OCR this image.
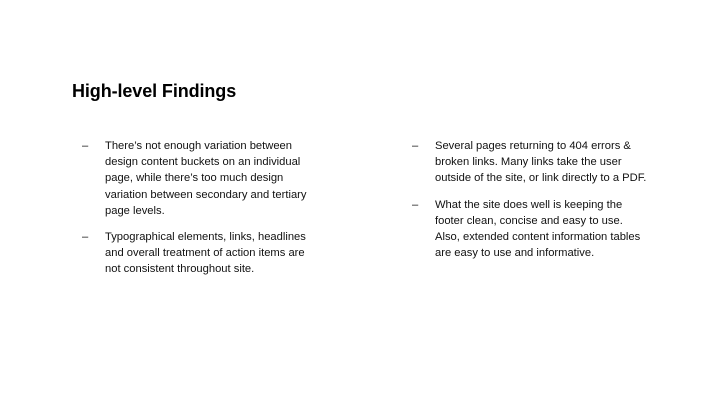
High-level Findings
–	There’s not enough variation between design content buckets on an individual page, while there’s too much design variation between secondary and tertiary page levels.
–	Typographical elements, links, headlines and overall treatment of action items are not consistent throughout site.
–	Several pages returning to 404 errors & broken links. Many links take the user outside of the site, or link directly to a PDF.
–	What the site does well is keeping the footer clean, concise and easy to use. Also, extended content information tables are easy to use and informative.
